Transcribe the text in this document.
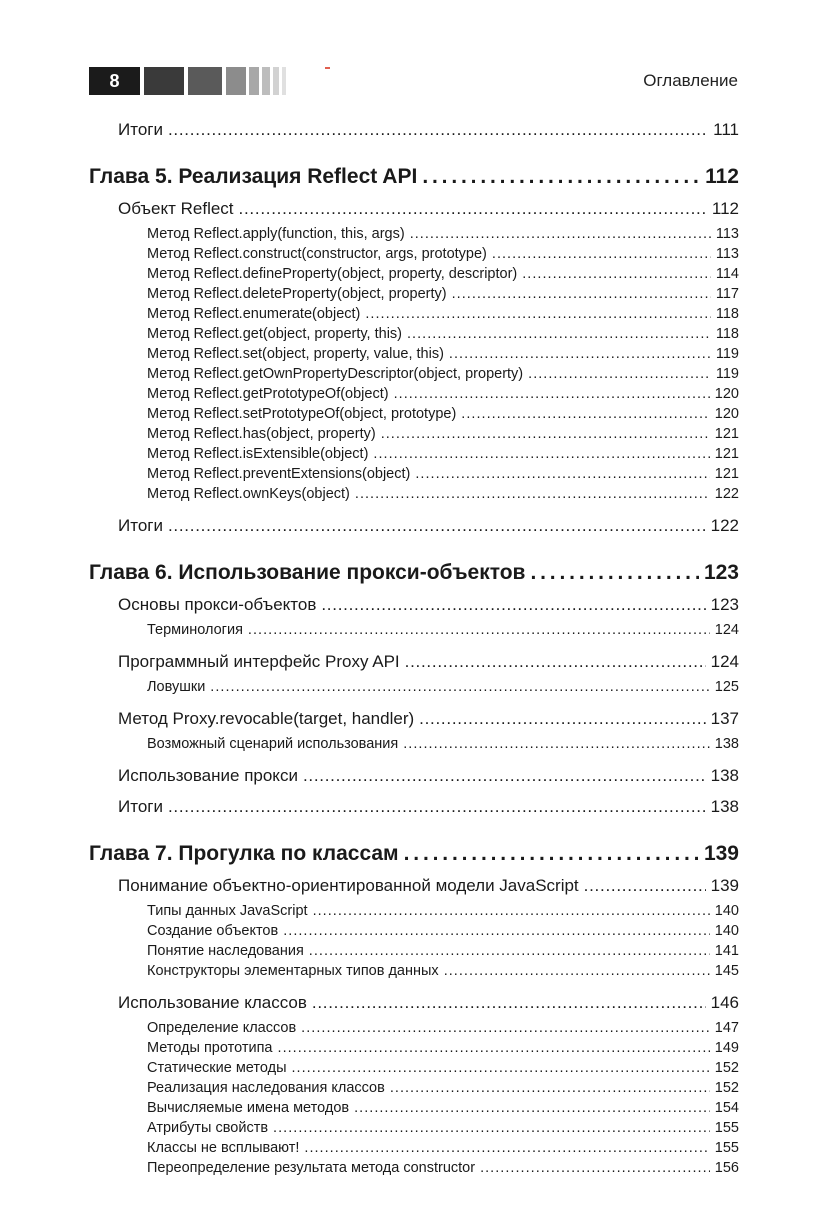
8	Оглавление
Итоги . . .	111
Глава 5. Реализация Reflect API . . .	112
Объект Reflect . . .	112
Метод Reflect.apply(function, this, args) . . .	113
Метод Reflect.construct(constructor, args, prototype) . . .	113
Метод Reflect.defineProperty(object, property, descriptor) . . .	114
Метод Reflect.deleteProperty(object, property) . . .	117
Метод Reflect.enumerate(object) . . .	118
Метод Reflect.get(object, property, this) . . .	118
Метод Reflect.set(object, property, value, this) . . .	119
Метод Reflect.getOwnPropertyDescriptor(object, property) . . .	119
Метод Reflect.getPrototypeOf(object) . . .	120
Метод Reflect.setPrototypeOf(object, prototype) . . .	120
Метод Reflect.has(object, property) . . .	121
Метод Reflect.isExtensible(object) . . .	121
Метод Reflect.preventExtensions(object) . . .	121
Метод Reflect.ownKeys(object) . . .	122
Итоги . . .	122
Глава 6. Использование прокси-объектов . . .	123
Основы прокси-объектов . . .	123
Терминология . . .	124
Программный интерфейс Proxy API . . .	124
Ловушки . . .	125
Метод Proxy.revocable(target, handler) . . .	137
Возможный сценарий использования . . .	138
Использование прокси . . .	138
Итоги . . .	138
Глава 7. Прогулка по классам . . .	139
Понимание объектно-ориентированной модели JavaScript . . .	139
Типы данных JavaScript . . .	140
Создание объектов . . .	140
Понятие наследования . . .	141
Конструкторы элементарных типов данных . . .	145
Использование классов . . .	146
Определение классов . . .	147
Методы прототипа . . .	149
Статические методы . . .	152
Реализация наследования классов . . .	152
Вычисляемые имена методов . . .	154
Атрибуты свойств . . .	155
Классы не всплывают! . . .	155
Переопределение результата метода constructor . . .	156
